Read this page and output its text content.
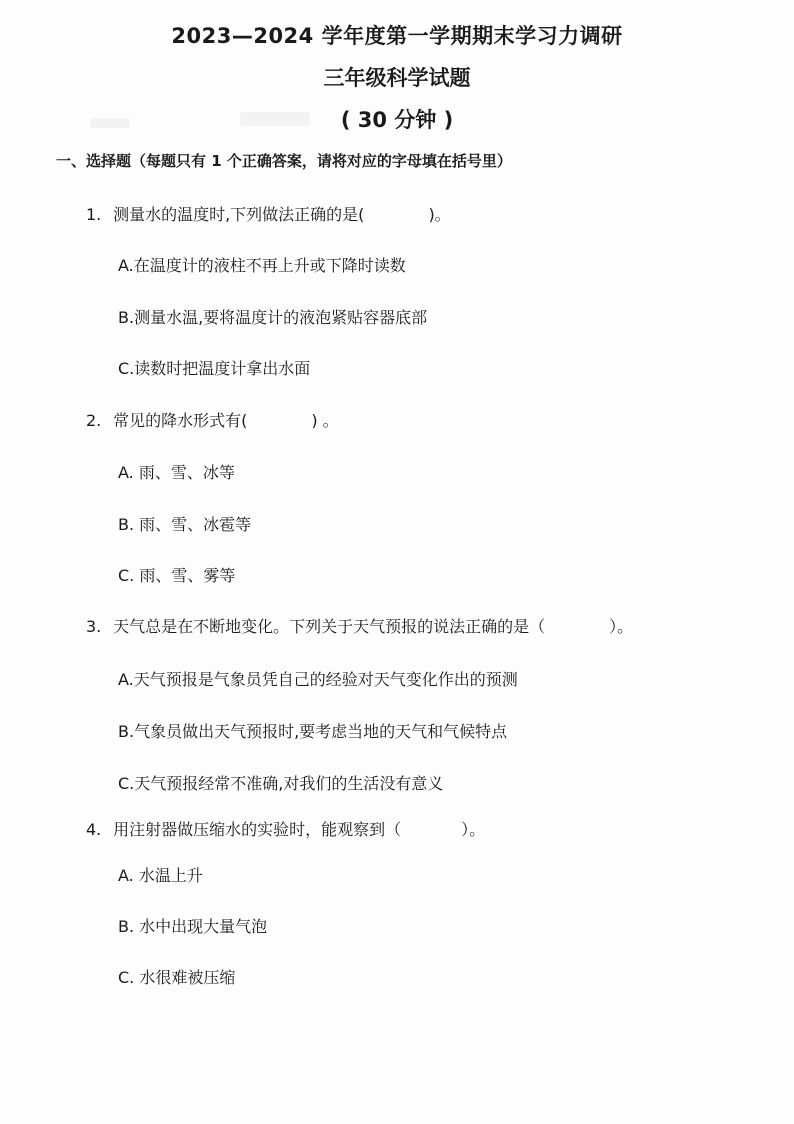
2023—2024 学年度第一学期期末学习力调研
三年级科学试题
( 30 分钟 )
一、选择题（每题只有 1 个正确答案，请将对应的字母填在括号里）
1. 测量水的温度时,下列做法正确的是(	)。
A.在温度计的液柱不再上升或下降时读数
B.测量水温,要将温度计的液泡紧贴容器底部
C.读数时把温度计拿出水面
2. 常见的降水形式有(	) 。
A. 雨、雪、冰等
B. 雨、雪、冰雹等
C. 雨、雪、雾等
3. 天气总是在不断地变化。下列关于天气预报的说法正确的是（	）。
A.天气预报是气象员凭自己的经验对天气变化作出的预测
B.气象员做出天气预报时,要考虑当地的天气和气候特点
C.天气预报经常不准确,对我们的生活没有意义
4. 用注射器做压缩水的实验时，能观察到（	）。
A. 水温上升
B. 水中出现大量气泡
C. 水很难被压缩
